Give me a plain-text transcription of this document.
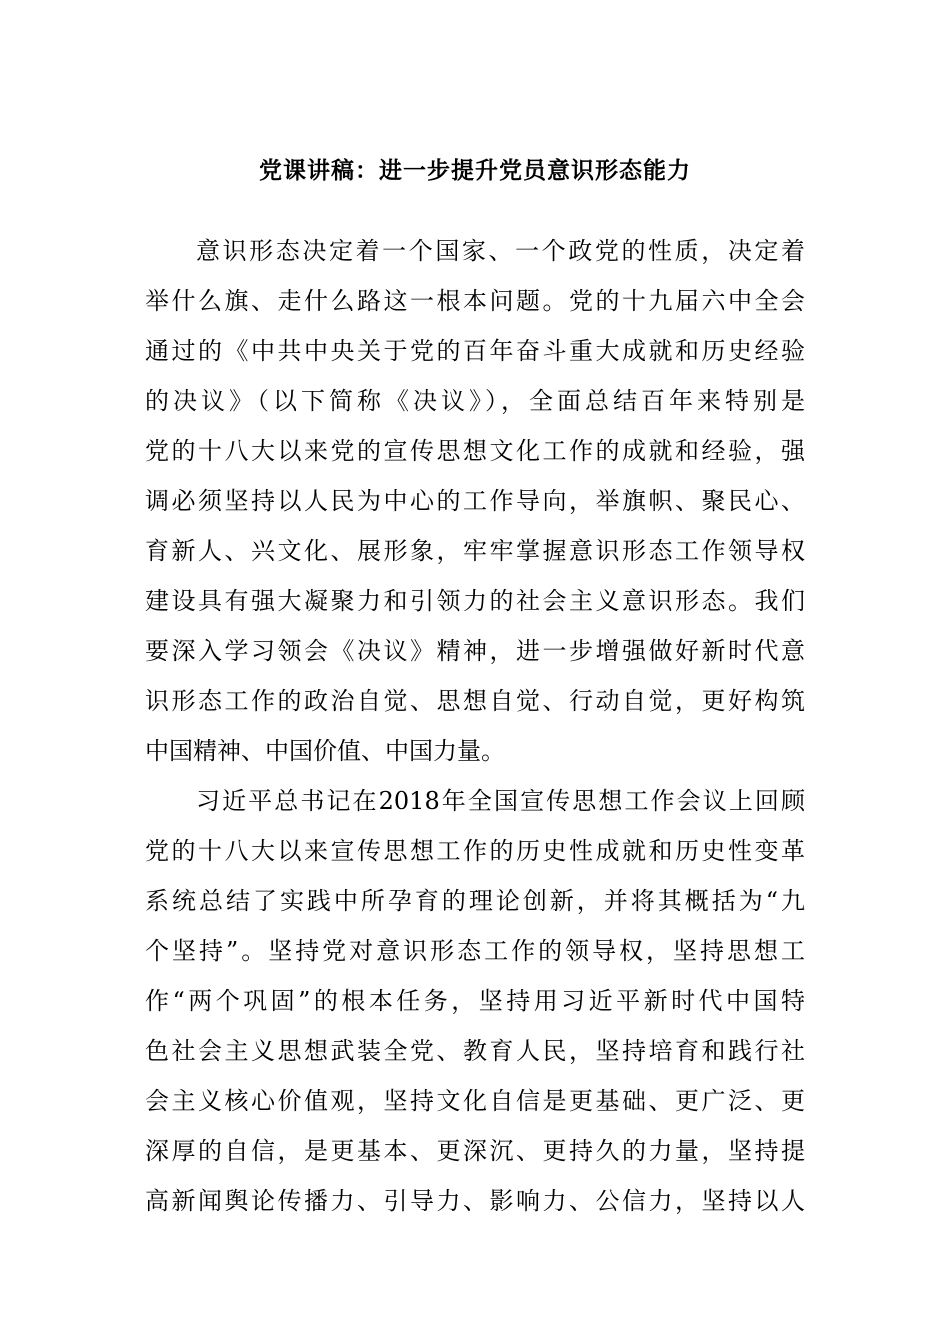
党课讲稿：进一步提升党员意识形态能力
意识形态决定着一个国家、一个政党的性质，决定着
举什么旗、走什么路这一根本问题。党的十九届六中全会
通过的《中共中央关于党的百年奋斗重大成就和历史经验
的决议》（以下简称《决议》），全面总结百年来特别是
党的十八大以来党的宣传思想文化工作的成就和经验，强
调必须坚持以人民为中心的工作导向，举旗帜、聚民心、
育新人、兴文化、展形象，牢牢掌握意识形态工作领导权
建设具有强大凝聚力和引领力的社会主义意识形态。我们
要深入学习领会《决议》精神，进一步增强做好新时代意
识形态工作的政治自觉、思想自觉、行动自觉，更好构筑
中国精神、中国价值、中国力量。
习近平总书记在2018年全国宣传思想工作会议上回顾
党的十八大以来宣传思想工作的历史性成就和历史性变革
系统总结了实践中所孕育的理论创新，并将其概括为“九
个坚持”。坚持党对意识形态工作的领导权，坚持思想工
作“两个巩固”的根本任务，坚持用习近平新时代中国特
色社会主义思想武装全党、教育人民，坚持培育和践行社
会主义核心价值观，坚持文化自信是更基础、更广泛、更
深厚的自信，是更基本、更深沉、更持久的力量，坚持提
高新闻舆论传播力、引导力、影响力、公信力，坚持以人
